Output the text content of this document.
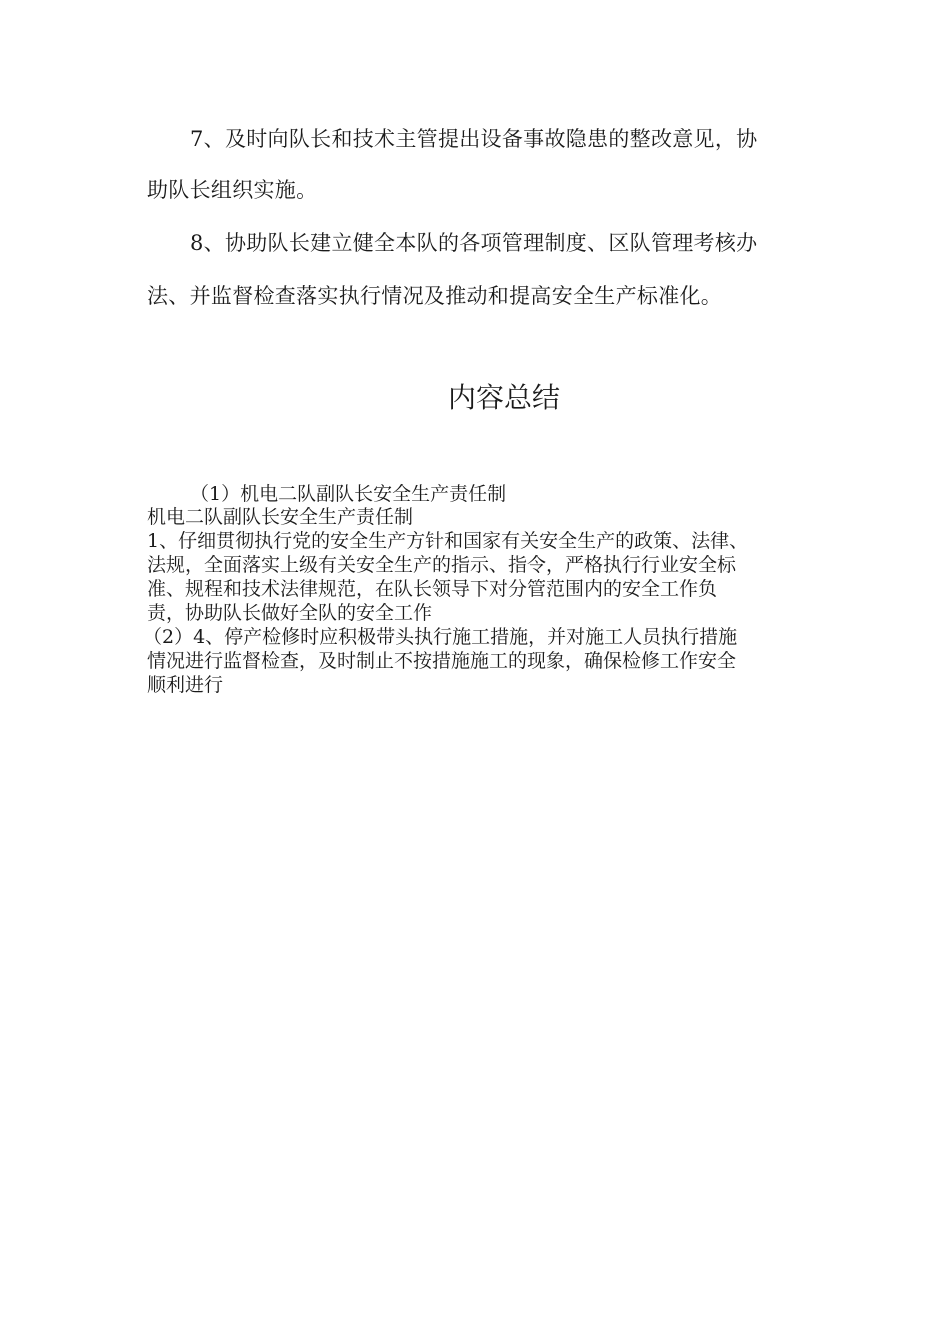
7、及时向队长和技术主管提出设备事故隐患的整改意见，协
助队长组织实施。
8、协助队长建立健全本队的各项管理制度、区队管理考核办
法、并监督检查落实执行情况及推动和提高安全生产标准化。
内容总结
（1）机电二队副队长安全生产责任制
机电二队副队长安全生产责任制
1、仔细贯彻执行党的安全生产方针和国家有关安全生产的政策、法律、
法规，全面落实上级有关安全生产的指示、指令，严格执行行业安全标
准、规程和技术法律规范，在队长领导下对分管范围内的安全工作负
责，协助队长做好全队的安全工作
（2）4、停产检修时应积极带头执行施工措施，并对施工人员执行措施
情况进行监督检查，及时制止不按措施施工的现象，确保检修工作安全
顺利进行
